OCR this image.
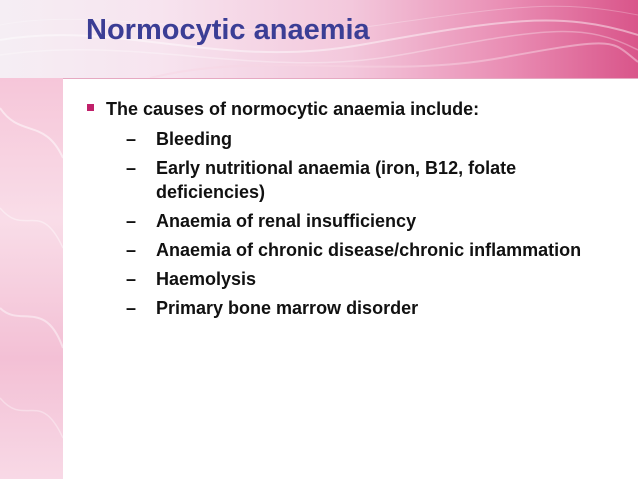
Normocytic anaemia
The causes of normocytic anaemia include:
– Bleeding
– Early nutritional anaemia (iron, B12, folate deficiencies)
– Anaemia of renal insufficiency
– Anaemia of chronic disease/chronic inflammation
– Haemolysis
– Primary bone marrow disorder
